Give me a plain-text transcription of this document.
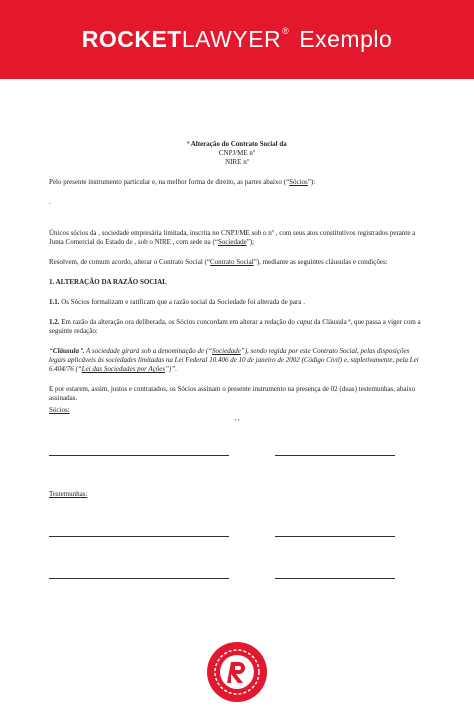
ROCKETLAWYER® Exemplo

ª Alteração do Contrato Social da

CNPJ/ME nº

NIRE nº

Pelo presente instrumento particular e, na melhor forma de direito, as partes abaixo (“Sócios”):

.

Únicos sócios da , sociedade empresária limitada, inscrita no CNPJ/ME sob o nº , com seus atos constitutivos registrados perante a Junta Comercial do Estado de , sob o NIRE , com sede na (“Sociedade”);

Resolvem, de comum acordo, alterar o Contrato Social (“Contrato Social”), mediante as seguintes cláusulas e condições:

1. ALTERAÇÃO DA RAZÃO SOCIAL

1.1. Os Sócios formalizam e ratificam que a razão social da Sociedade foi alterada de para .

1.2. Em razão da alteração ora deliberada, os Sócios concordam em alterar a redação do caput da Cláusula ª, que passa a viger com a seguinte redação:

“Cláusula ª. A sociedade girará sob a denominação de (“Sociedade”), sendo regida por este Contrato Social, pelas disposições legais aplicáveis às sociedades limitadas na Lei Federal 10.406 de 10 de janeiro de 2002 (Código Civil) e, supletivamente, pela Lei 6.404/76 (“Lei das Sociedades por Ações”)”.

E por estarem, assim, justos e contratados, os Sócios assinam o presente instrumento na presença de 02 (duas) testemunhas, abaixo assinadas.

, ,

Sócios:
Testemunhas:
